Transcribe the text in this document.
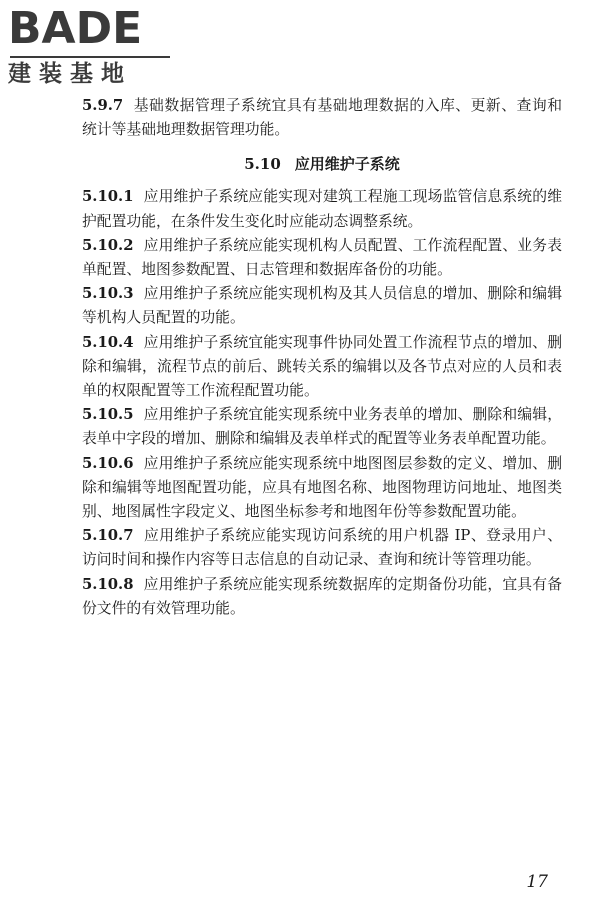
BADE

建装基地

5.9.7 基础数据管理子系统宜具有基础地理数据的入库、更新、查询和统计等基础地理数据管理功能。

5.10 应用维护子系统

5.10.1 应用维护子系统应能实现对建筑工程施工现场监管信息系统的维护配置功能，在条件发生变化时应能动态调整系统。

5.10.2 应用维护子系统应能实现机构人员配置、工作流程配置、业务表单配置、地图参数配置、日志管理和数据库备份的功能。

5.10.3 应用维护子系统应能实现机构及其人员信息的增加、删除和编辑等机构人员配置的功能。

5.10.4 应用维护子系统宜能实现事件协同处置工作流程节点的增加、删除和编辑，流程节点的前后、跳转关系的编辑以及各节点对应的人员和表单的权限配置等工作流程配置功能。

5.10.5 应用维护子系统宜能实现系统中业务表单的增加、删除和编辑，表单中字段的增加、删除和编辑及表单样式的配置等业务表单配置功能。

5.10.6 应用维护子系统应能实现系统中地图图层参数的定义、增加、删除和编辑等地图配置功能，应具有地图名称、地图物理访问地址、地图类别、地图属性字段定义、地图坐标参考和地图年份等参数配置功能。

5.10.7 应用维护子系统应能实现访问系统的用户机器 IP、登录用户、访问时间和操作内容等日志信息的自动记录、查询和统计等管理功能。

5.10.8 应用维护子系统应能实现系统数据库的定期备份功能，宜具有备份文件的有效管理功能。

17
